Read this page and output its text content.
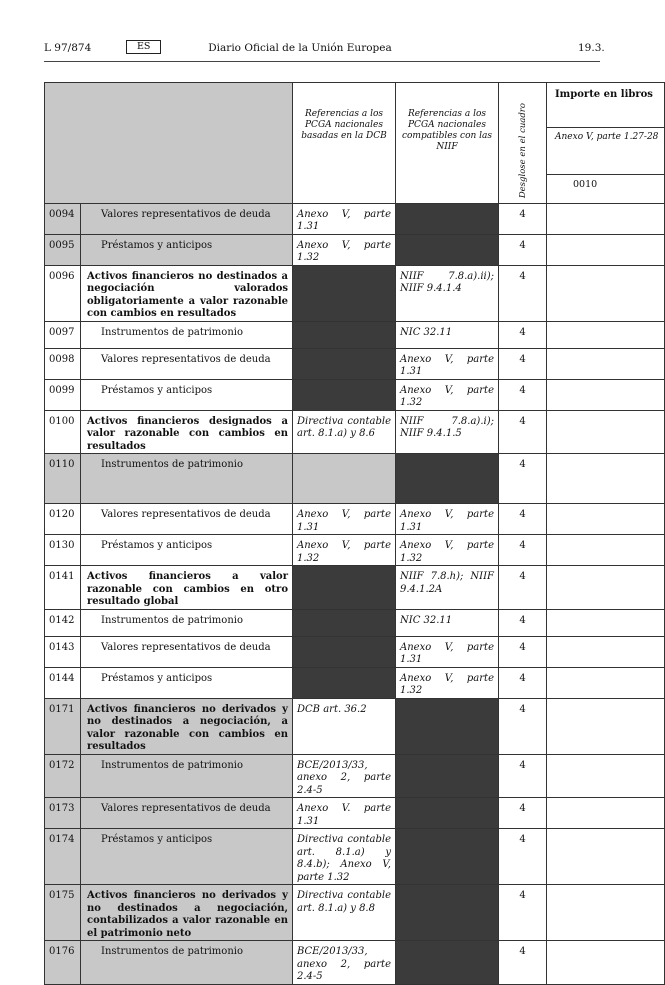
L 97/874	ES	Diario Oficial de la Unión Europea	19.3.
		Referencias a los PCGA nacionales basadas en la DCB	Referencias a los PCGA nacionales compatibles con las NIIF	Desglose en el cuadro	Importe en libros
					Anexo V, parte 1.27-28
					0010
0094	Valores representativos de deuda	Anexo V, parte 1.31		4	
0095	Préstamos y anticipos	Anexo V, parte 1.32		4	
0096	Activos financieros no destinados a negociación valorados obligatoriamente a valor razonable con cambios en resultados		NIIF 7.8.a).ii); NIIF 9.4.1.4	4	
0097	Instrumentos de patrimonio		NIC 32.11	4	
0098	Valores representativos de deuda		Anexo V, parte 1.31	4	
0099	Préstamos y anticipos		Anexo V, parte 1.32	4	
0100	Activos financieros designados a valor razonable con cambios en resultados	Directiva contable art. 8.1.a) y 8.6	NIIF 7.8.a).i); NIIF 9.4.1.5	4	
0110	Instrumentos de patrimonio			4	
0120	Valores representativos de deuda	Anexo V, parte 1.31	Anexo V, parte 1.31	4	
0130	Préstamos y anticipos	Anexo V, parte 1.32	Anexo V, parte 1.32	4	
0141	Activos financieros a valor razonable con cambios en otro resultado global		NIIF 7.8.h); NIIF 9.4.1.2A	4	
0142	Instrumentos de patrimonio		NIC 32.11	4	
0143	Valores representativos de deuda		Anexo V, parte 1.31	4	
0144	Préstamos y anticipos		Anexo V, parte 1.32	4	
0171	Activos financieros no derivados y no destinados a negociación, a valor razonable con cambios en resultados	DCB art. 36.2		4	
0172	Instrumentos de patrimonio	BCE/2013/33, anexo 2, parte 2.4-5		4	
0173	Valores representativos de deuda	Anexo V. parte 1.31		4	
0174	Préstamos y anticipos	Directiva contable art. 8.1.a) y 8.4.b); Anexo V, parte 1.32		4	
0175	Activos financieros no derivados y no destinados a negociación, contabilizados a valor razonable en el patrimonio neto	Directiva contable art. 8.1.a) y 8.8		4	
0176	Instrumentos de patrimonio	BCE/2013/33, anexo 2, parte 2.4-5		4	
